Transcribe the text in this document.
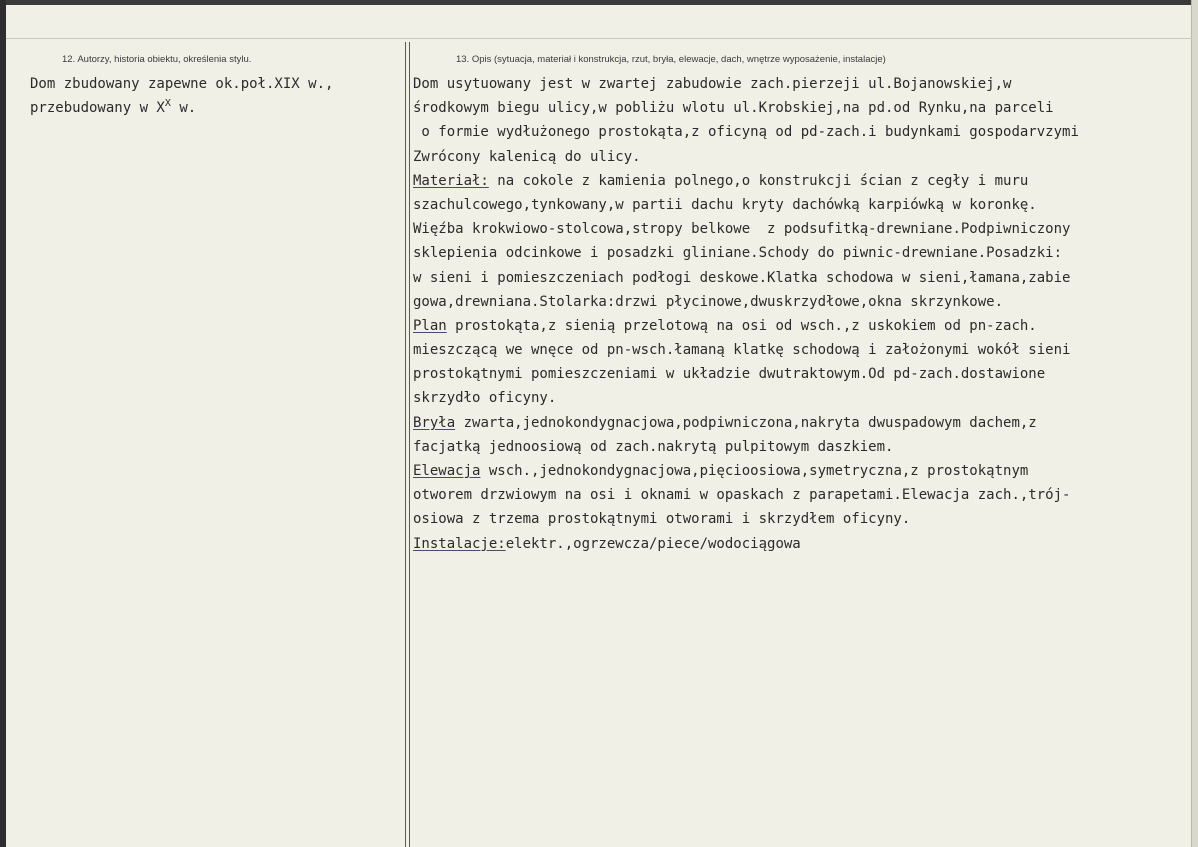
12. Autorzy, historia obiektu, określenia stylu.	13. Opis (sytuacja, materiał i konstrukcja, rzut, bryła, elewacje, dach, wnętrze wyposażenie, instalacje)
Dom zbudowany zapewne ok.poł.XIX w.,
przebudowany w $X^X$ w.
Dom usytuowany jest w zwartej zabudowie zach.pierzeji ul.Bojanowskiej,w
środkowym biegu ulicy,w pobliżu wlotu ul.Krobskiej,na pd.od Rynku,na parceli
o formie wydłużonego prostokąta,z oficyną od pd-zach.i budynkami gospodarvzymi
Zwrócony kalenicą do ulicy.
Materiał: na cokole z kamienia polnego,o konstrukcji ścian z cegły i muru
szachulcowego,tynkowany,w partii dachu kryty dachówką karpiówką w koronkę.
Więźba krokwiowo-stolcowa,stropy belkowe  z podsufitką-drewniane.Podpiwniczony
sklepienia odcinkowe i posadzki gliniane.Schody do piwnic-drewniane.Posadzki:
w sieni i pomieszczeniach podłogi deskowe.Klatka schodowa w sieni,łamana,zabie
gowa,drewniana.Stolarka:drzwi płycinowe,dwuskrzydłowe,okna skrzynkowe.
Plan prostokąta,z sienią przelotową na osi od wsch.,z uskokiem od pn-zach.
mieszczącą we wnęce od pn-wsch.łamaną klatkę schodową i założonymi wokół sieni
prostokątnymi pomieszczeniami w układzie dwutraktowym.Od pd-zach.dostawione
skrzydło oficyny.
Bryła zwarta,jednokondygnacjowa,podpiwniczona,nakryta dwuspadowym dachem,z
facjatką jednoosiową od zach.nakrytą pulpitowym daszkiem.
Elewacja wsch.,jednokondygnacjowa,pięcioosiowa,symetryczna,z prostokątnym
otworem drzwiowym na osi i oknami w opaskach z parapetami.Elewacja zach.,trój-
osiowa z trzema prostokątnymi otworami i skrzydłem oficyny.
Instalacje:elektr.,ogrzewcza/piece/wodociągowa
